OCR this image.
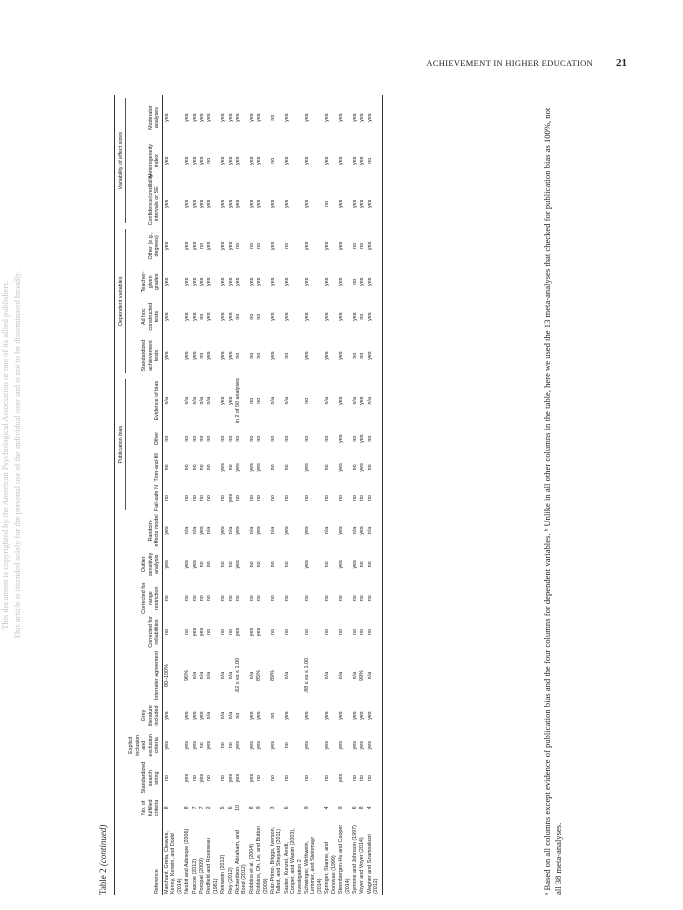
21
ACHIEVEMENT IN HIGHER EDUCATION
This document is copyrighted by the American Psychological Association or one of its allied publishers. This article is intended solely for the personal use of the individual user and is not to be disseminated broadly.
Table 2 (continued)

										Publication bias				Dependent variables				Variability of effect sizes		

Reference	No. of fulfilled criteria	Standardized search string	Explicit inclusion and exclusion criteria	Grey literature included	Interrater agreement	Corrected for reliabilities	Corrected for range restriction	Outlier sensitivity analysis	Random-effects model	Fail-safe N	Trim-and-fill	Other	Evidence of bias	Standardized achievement tests	Ad hoc constructed tests	Teacher-given grades	Other (e.g., degrees)	Confidence/credibility intervals or SE	Heterogeneity index	Moderator analyses
Marchant, Greta, Cleaves, Kenny, Kerwin, and Dodd (2014)	8	no	yes	yes	80–100%	no	no	yes	yes	no	no	no	n/a	yes	yes	yes	yes	yes	yes	yes
Nesbit and Adesope (2006)	8	yes	yes	yes	96%	no	no	yes	n/a	no	no	no	n/a	yes	yes	yes	yes	yes	yes	yes
Pascoe (2012)	7	no	yes	yes	n/a	yes	no	yes	n/a	no	no	no	n/a	yes	yes	yes	yes	yes	yes	yes
Poropat (2009)	7	yes	no	yes	n/a	yes	no	no	yes	no	no	no	n/a	no	no	yes	no	yes	yes	yes
Redfield and Rousseau (1981)	2	no	yes	n/a	n/a	no	no	no	n/a	no	no	no	n/a	yes	yes	yes	yes	yes	no	yes
Reinwein (2012)	5	no	no	n/a	n/a	no	no	no	yes	no	yes	no	yes	yes	yes	yes	yes	yes	yes	yes
Rey (2012)	6	yes	no	n/a	n/a	no	no	no	n/a	yes	no	no	yes	yes	yes	yes	yes	yes	yes	yes
Richardson, Abraham, and Bond (2012)	10	yes	yes	no	.62 ≤ κs ≤ 1.00	yes	no	yes	yes	no	yes	no	in 2 of 50 analyses	no	no	yes	no	yes	yes	yes
Robbins et al. (2004)	8	yes	yes	yes	n/a	yes	no	no	n/a	no	yes	no	no	no	no	yes	no	yes	yes	yes
Robbins, Oh, Le, and Button (2009)	9	no	yes	yes	85%	yes	no	no	yes	no	yes	no	no	no	no	yes	no	yes	yes	yes
Ruiz-Primo, Briggs, Iverson, Talbot, and Shepard (2011)	3	no	yes	no	89%	no	no	no	n/a	no	no	no	n/a	yes	yes	yes	yes	yes	no	no
Sauter, Kunzel, Arndt, Cooper, and Wasim (2003), Investigation 2	6	no	no	yes	n/a	no	no	no	yes	no	no	no	n/a	no	yes	yes	no	yes	yes	yes
Schwinger, Wirthwein, Lemmer, and Steinmayr (2014)	9	no	yes	yes	.88 ≤ κs ≤ 1.00	no	no	yes	yes	no	yes	no	no	yes	yes	yes	yes	yes	yes	yes
Springer, Stanne, and Donovan (1999)	4	no	yes	yes	n/a	no	no	no	n/a	no	no	no	n/a	yes	yes	yes	yes	no	yes	yes
Steenbergen-Hu and Cooper (2014)	9	yes	yes	yes	n/a	no	no	yes	yes	no	yes	yes	yes	yes	yes	yes	yes	yes	yes	yes
Symons and Johnson (1997)	6	no	yes	yes	n/a	no	no	yes	n/a	no	no	no	n/a	no	yes	no	no	yes	yes	yes
Voyer and Voyer (2014)	8	no	yes	yes	99%	no	no	no	yes	no	yes	yes	yes	no	no	yes	no	yes	yes	yes
Wagner and Szamoskozi (2012)	4	no	yes	yes	n/a	no	no	no	n/a	no	no	no	n/a	yes	yes	yes	yes	yes	no	yes	ᵃ Based on all columns except evidence of publication bias and the four columns for dependent variables. ᵇ Unlike in all other columns in the table, here we used the 13 meta-analyses that checked for publication bias as 100%, not all 38 meta-analyses.
